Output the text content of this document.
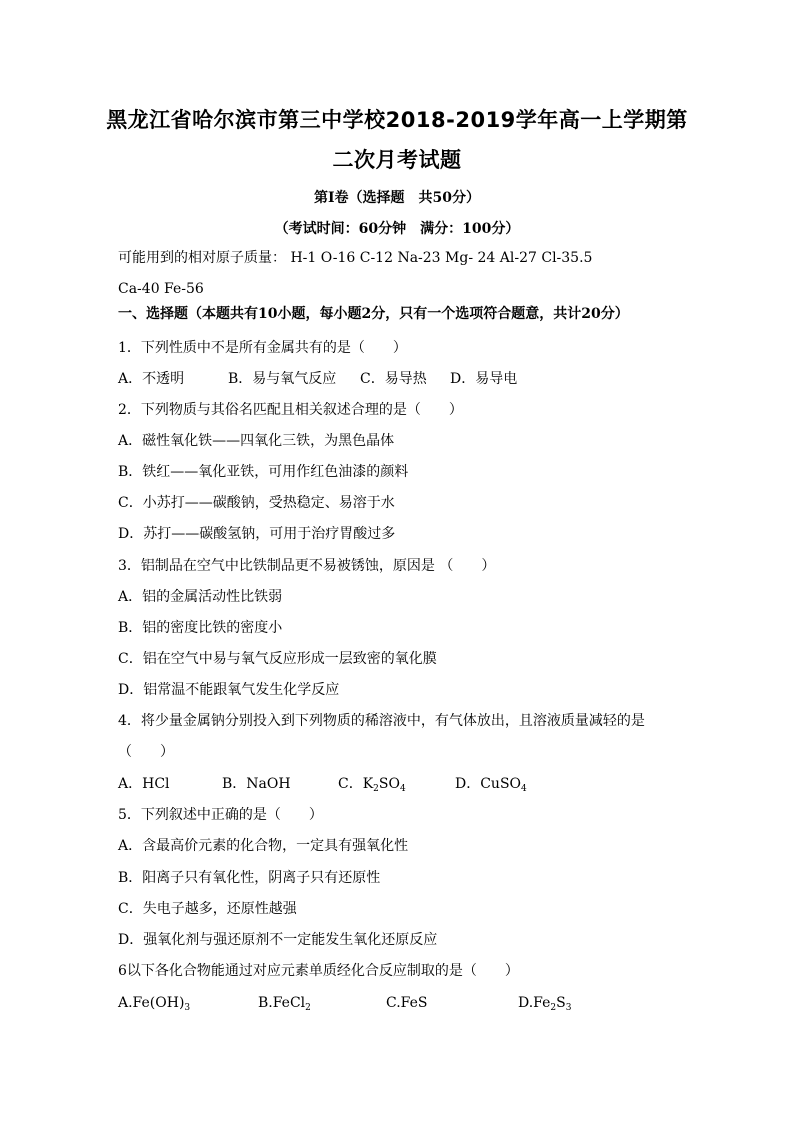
黑龙江省哈尔滨市第三中学校2018-2019学年高一上学期第
二次月考试题
第Ⅰ卷（选择题　共50分）
（考试时间：60分钟　满分：100分）
可能用到的相对原子质量： H-1 O-16 C-12 Na-23 Mg- 24 Al-27 Cl-35.5
Ca-40 Fe-56
一、选择题（本题共有10小题，每小题2分，只有一个选项符合题意，共计20分）
1．下列性质中不是所有金属共有的是（　　）
A．不透明	B．易与氧气反应 C．易导热 D．易导电
2．下列物质与其俗名匹配且相关叙述合理的是（　　）
A．磁性氧化铁——四氧化三铁，为黑色晶体
B．铁红——氧化亚铁，可用作红色油漆的颜料
C．小苏打——碳酸钠，受热稳定、易溶于水
D．苏打——碳酸氢钠，可用于治疗胃酸过多
3．铝制品在空气中比铁制品更不易被锈蚀，原因是 （　　）
A．铝的金属活动性比铁弱
B．铝的密度比铁的密度小
C．铝在空气中易与氧气反应形成一层致密的氧化膜
D．铝常温不能跟氧气发生化学反应
4．将少量金属钠分别投入到下列物质的稀溶液中，有气体放出，且溶液质量减轻的是
（　　）
A．HCl	B．NaOH	C．$K_2SO_4$	D．CuSO$_4$
5．下列叙述中正确的是（　　）
A．含最高价元素的化合物，一定具有强氧化性
B．阳离子只有氧化性，阴离子只有还原性
C．失电子越多，还原性越强
D．强氧化剂与强还原剂不一定能发生氧化还原反应
6以下各化合物能通过对应元素单质经化合反应制取的是（　　）
$A.Fe(OH)_3$	B.FeCl$_2$	C.FeS	$D.Fe_2S_3$
